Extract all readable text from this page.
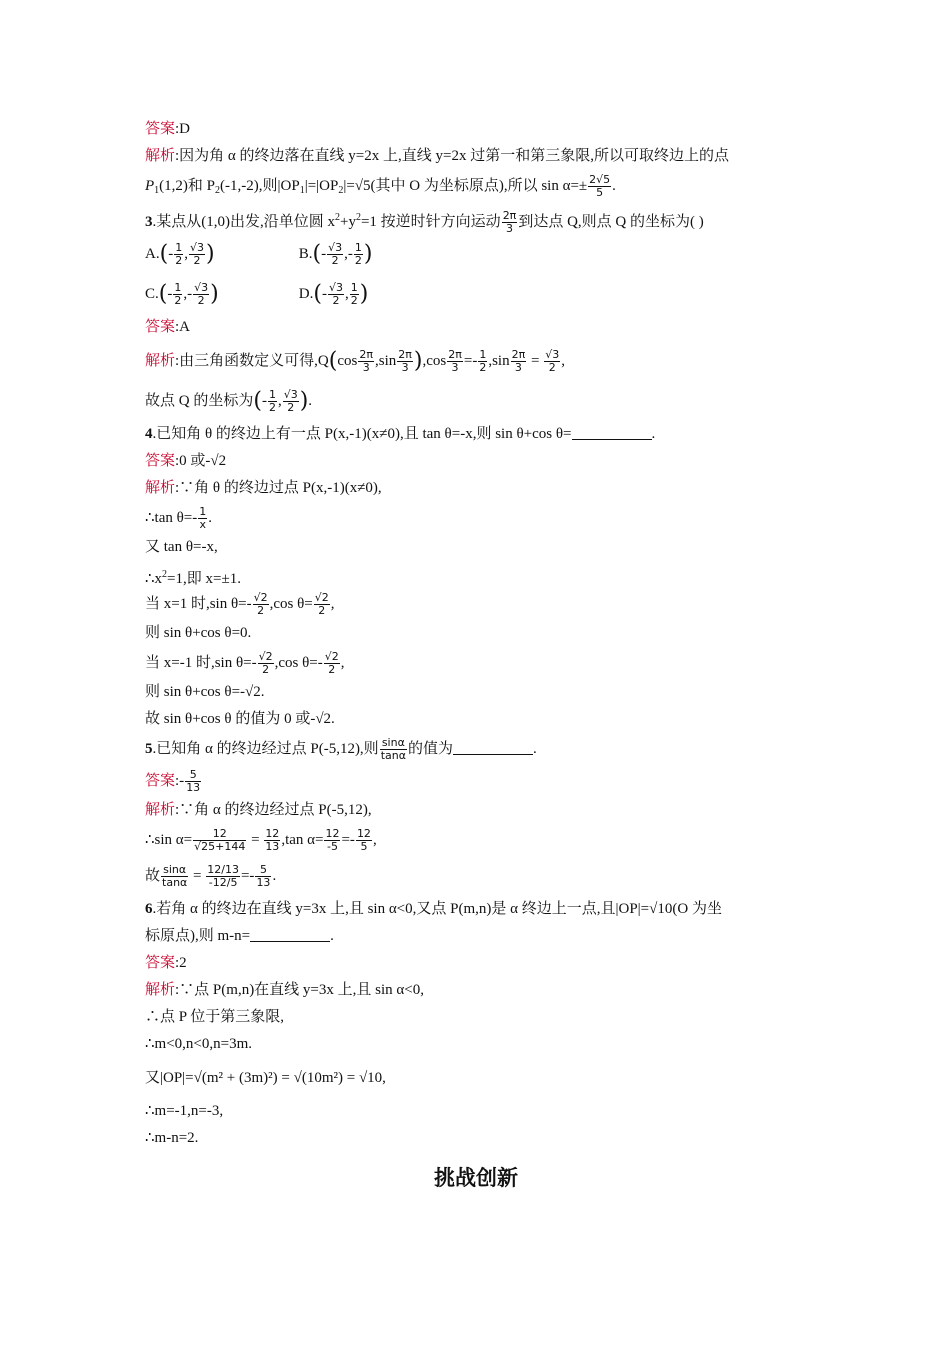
答案:D
解析:因为角 α 的终边落在直线 y=2x 上,直线 y=2x 过第一和第三象限,所以可取终边上的点
$P_1(1,2)$和 $P_2(-1,-2)$,则$|OP_1|=|OP_2|=√5$(其中 O 为坐标原点),所以 $\sin \alpha=\pm \frac{2√5}{5}$ .
3.某点从(1,0)出发,沿单位圆 $x^2+y^2=1$ 按逆时针方向运动 $\frac{2\pi}{3}$ 到达点 Q,则点 Q 的坐标为( )
$A.(- \frac{1}{2}$ , $\frac{√3}{2}$ )	$B.(- \frac{√3}{2}$ ,- $\frac{1}{2}$ )
$C.(- \frac{1}{2}$ ,- $\frac{√3}{2}$ )	$D.(- \frac{√3}{2}$ , $\frac{1}{2}$ )
答案:A
解析:由三角函数定义可得$,Q(\cos \frac{2\pi}{3} ,\sin \frac{2\pi}{3} ),\cos \frac{2\pi}{3} =- \frac{1}{2} ,\sin \frac{2\pi}{3} = \frac{√3}{2}$ ,
故点 Q 的坐标为(- $\frac{1}{2}$ , $\frac{√3}{2}$ ).
4.已知角 θ 的终边上有一点 P(x,-1)(x≠0),且 tan θ=-x,则 sin θ+cos θ=	.
答案:0 或-√2
解析:∵角 θ 的终边过点 P(x,-1)(x≠0),
∴tan $\theta=- \frac{1}{x}$ .
又 tan θ=-x,
$\therefore x^2=1$,即 x=±1.
当 x=1 时,sin $\theta=- \frac{√2}{2} ,\cos$ $\theta= \frac{√2}{2}$ ,
则 sin θ+cos θ=0.
当 x=-1 时,sin $\theta=- \frac{√2}{2} ,\cos$ $\theta=- \frac{√2}{2}$ ,
则 sin θ+cos θ=-√2.
故 sin θ+cos θ 的值为 0 或-√2.
5.已知角 α 的终边经过点 P(-5,12),则 $\frac{\sin\alpha}{\tan\alpha}$ 的值为	.
答案:- $\frac{5}{13}$
解析:∵角 α 的终边经过点 P(-5,12),
∴sin $\alpha= \frac{12}{√25+144} = \frac{12}{13} ,\tan$ $\alpha= \frac{12}{-5} =- \frac{12}{5}$ ,
故 $\frac{\sin\alpha}{\tan\alpha} = \frac{12/13}{-12/5} =- \frac{5}{13}$ .
6.若角 α 的终边在直线 y=3x 上,且 sin α<0,又点 P(m,n)是 α 终边上一点,且|OP|=√10(O 为坐
标原点),则 m-n=	.
答案:2
解析:∵点 P(m,n)在直线 y=3x 上,且 sin α<0,
∴点 P 位于第三象限,
∴m<0,n<0,n=3m.
又|OP|=√(m² + (3m)²) = √(10m²) = √10,
∴m=-1,n=-3,
∴m-n=2.
挑战创新
